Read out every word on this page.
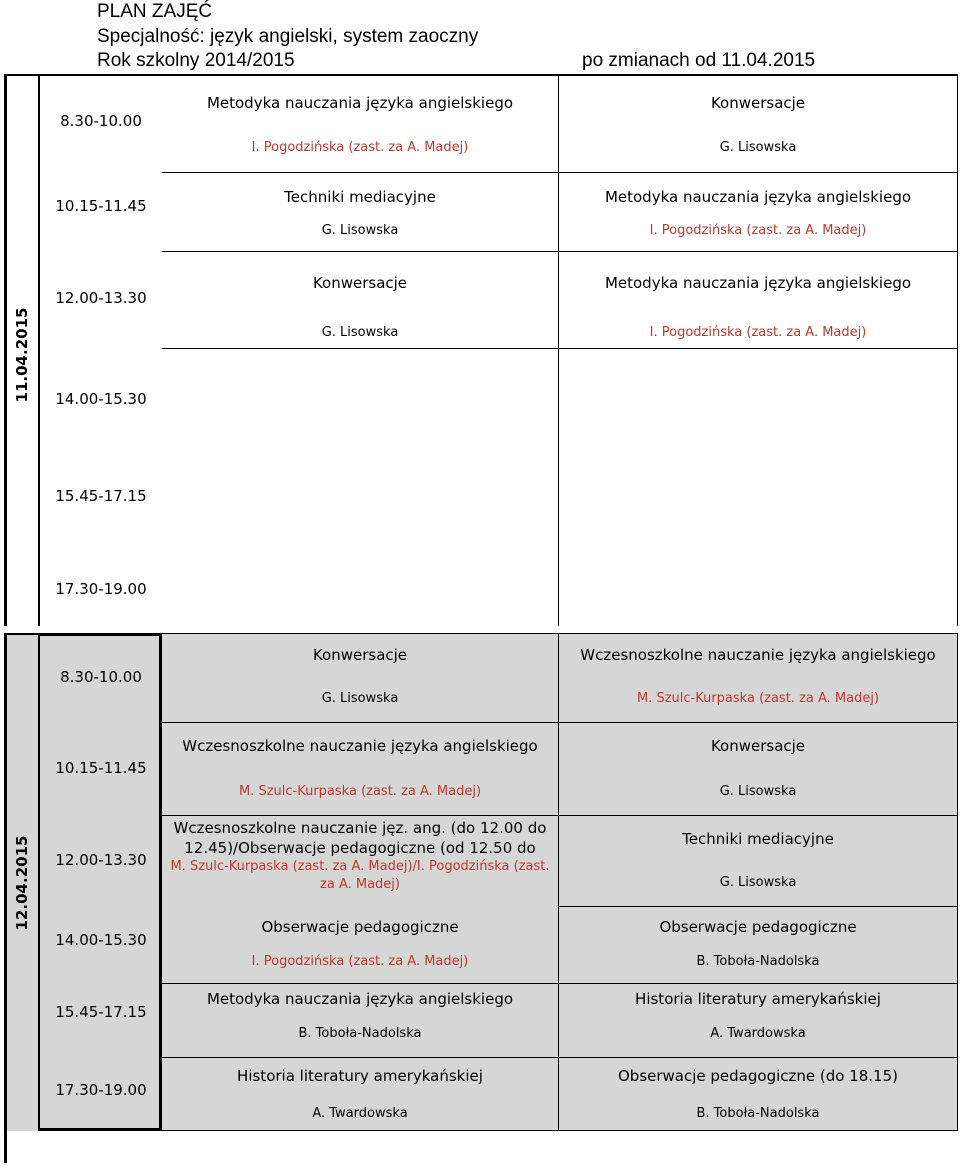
PLAN ZAJĘĆ
Specjalność: język angielski, system zaoczny
Rok szkolny 2014/2015	po zmianach od 11.04.2015
11.04.2015
12.04.2015
8.30-10.00
10.15-11.45
12.00-13.30
14.00-15.30
15.45-17.15
17.30-19.00
Metodyka nauczania języka angielskiego
I. Pogodzińska (zast. za A. Madej)
Konwersacje
G. Lisowska
Techniki mediacyjne
G. Lisowska
Metodyka nauczania języka angielskiego
I. Pogodzińska (zast. za A. Madej)
Konwersacje
G. Lisowska
Metodyka nauczania języka angielskiego
I. Pogodzińska (zast. za A. Madej)
8.30-10.00
10.15-11.45
12.00-13.30
14.00-15.30
15.45-17.15
17.30-19.00
Konwersacje
G. Lisowska
Wczesnoszkolne nauczanie języka angielskiego
M. Szulc-Kurpaska (zast. za A. Madej)
Wczesnoszkolne nauczanie języka angielskiego
M. Szulc-Kurpaska (zast. za A. Madej)
Konwersacje
G. Lisowska
Wczesnoszkolne nauczanie jęz. ang. (do 12.00 do
12.45)/Obserwacje pedagogiczne (od 12.50 do
M. Szulc-Kurpaska (zast. za A. Madej)/I. Pogodzińska (zast.
za A. Madej)
Techniki mediacyjne
G. Lisowska
Obserwacje pedagogiczne
I. Pogodzińska (zast. za A. Madej)
Obserwacje pedagogiczne
B. Toboła-Nadolska
Metodyka nauczania języka angielskiego
B. Toboła-Nadolska
Historia literatury amerykańskiej
A. Twardowska
Historia literatury amerykańskiej
A. Twardowska
Obserwacje pedagogiczne (do 18.15)
B. Toboła-Nadolska
